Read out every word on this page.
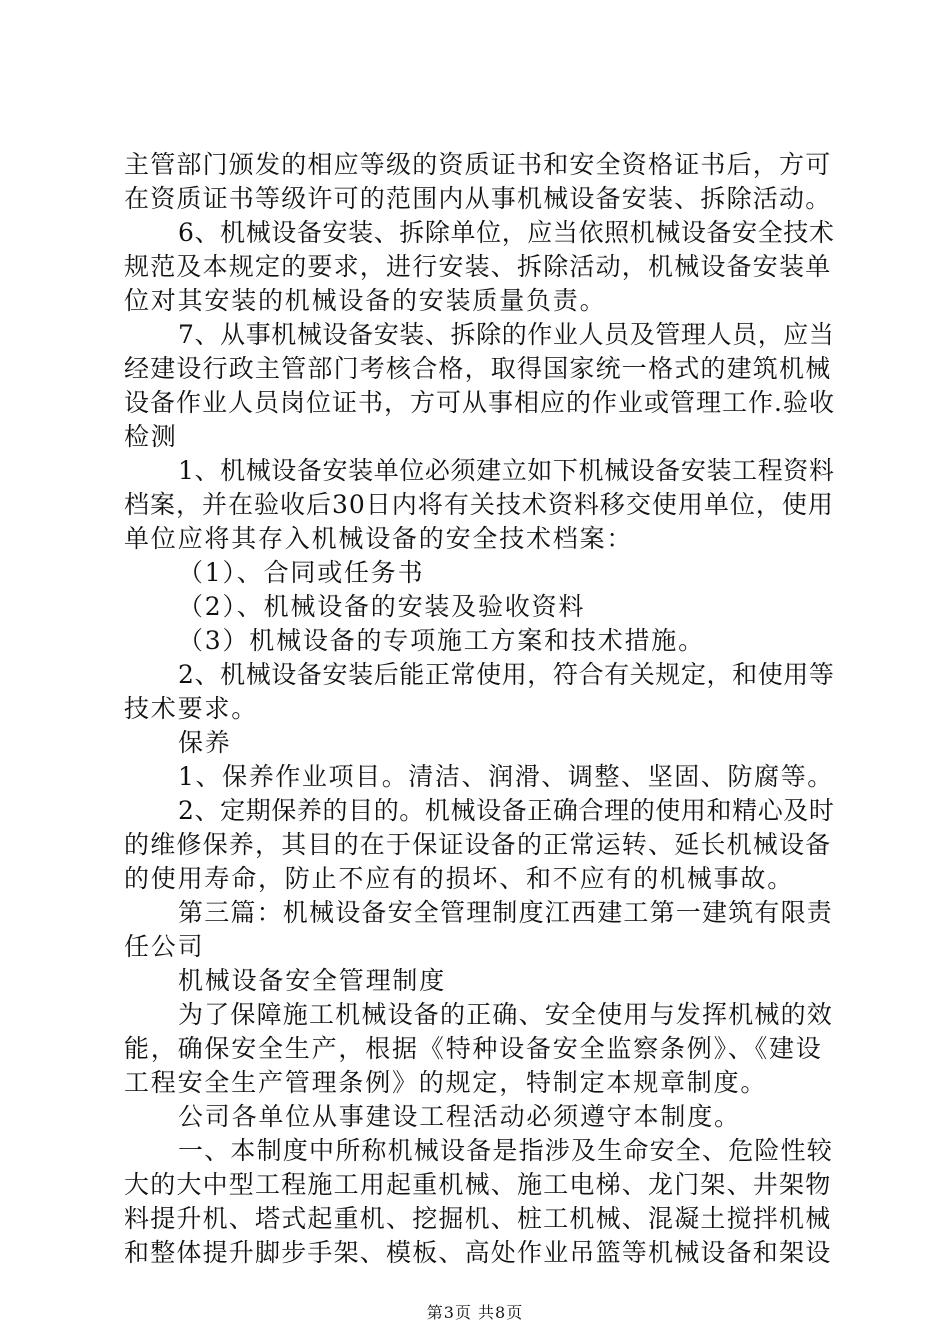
主管部门颁发的相应等级的资质证书和安全资格证书后，方可
在资质证书等级许可的范围内从事机械设备安装、拆除活动。
6、机械设备安装、拆除单位，应当依照机械设备安全技术
规范及本规定的要求，进行安装、拆除活动，机械设备安装单
位对其安装的机械设备的安装质量负责。
7、从事机械设备安装、拆除的作业人员及管理人员，应当
经建设行政主管部门考核合格，取得国家统一格式的建筑机械
设备作业人员岗位证书，方可从事相应的作业或管理工作.验收
检测
1、机械设备安装单位必须建立如下机械设备安装工程资料
档案，并在验收后30日内将有关技术资料移交使用单位，使用
单位应将其存入机械设备的安全技术档案：
（1）、合同或任务书
（2）、机械设备的安装及验收资料
（3）机械设备的专项施工方案和技术措施。
2、机械设备安装后能正常使用，符合有关规定，和使用等
技术要求。
保养
1、保养作业项目。清洁、润滑、调整、坚固、防腐等。
2、定期保养的目的。机械设备正确合理的使用和精心及时
的维修保养，其目的在于保证设备的正常运转、延长机械设备
的使用寿命，防止不应有的损坏、和不应有的机械事故。
第三篇：机械设备安全管理制度江西建工第一建筑有限责
任公司
机械设备安全管理制度
为了保障施工机械设备的正确、安全使用与发挥机械的效
能，确保安全生产，根据《特种设备安全监察条例》、《建设
工程安全生产管理条例》的规定，特制定本规章制度。
公司各单位从事建设工程活动必须遵守本制度。
一、本制度中所称机械设备是指涉及生命安全、危险性较
大的大中型工程施工用起重机械、施工电梯、龙门架、井架物
料提升机、塔式起重机、挖掘机、桩工机械、混凝土搅拌机械
和整体提升脚步手架、模板、高处作业吊篮等机械设备和架设
第3页 共8页
